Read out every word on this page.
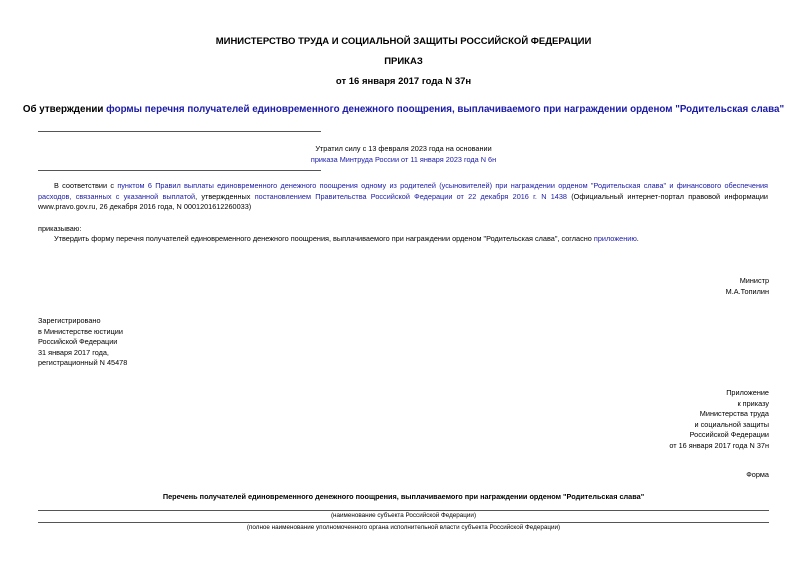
МИНИСТЕРСТВО ТРУДА И СОЦИАЛЬНОЙ ЗАЩИТЫ РОССИЙСКОЙ ФЕДЕРАЦИИ
ПРИКАЗ
от 16 января 2017 года N 37н
Об утверждении формы перечня получателей единовременного денежного поощрения, выплачиваемого при награждении орденом "Родительская слава"
Утратил силу с 13 февраля 2023 года на основании
приказа Минтруда России от 11 января 2023 года N 6н
В соответствии с пунктом 6 Правил выплаты единовременного денежного поощрения одному из родителей (усыновителей) при награждении орденом "Родительская слава" и финансового обеспечения расходов, связанных с указанной выплатой, утвержденных постановлением Правительства Российской Федерации от 22 декабря 2016 г. N 1438 (Официальный интернет-портал правовой информации www.pravo.gov.ru, 26 декабря 2016 года, N 0001201612260033)
приказываю:
Утвердить форму перечня получателей единовременного денежного поощрения, выплачиваемого при награждении орденом "Родительская слава", согласно приложению.
Министр
М.А.Топилин
Зарегистрировано
в Министерстве юстиции
Российской Федерации
31 января 2017 года,
регистрационный N 45478
Приложение
к приказу
Министерства труда
и социальной защиты
Российской Федерации
от 16 января 2017 года N 37н
Форма
Перечень получателей единовременного денежного поощрения, выплачиваемого при награждении орденом "Родительская слава"
(наименование субъекта Российской Федерации)
(полное наименование уполномоченного органа исполнительной власти субъекта Российской Федерации)
